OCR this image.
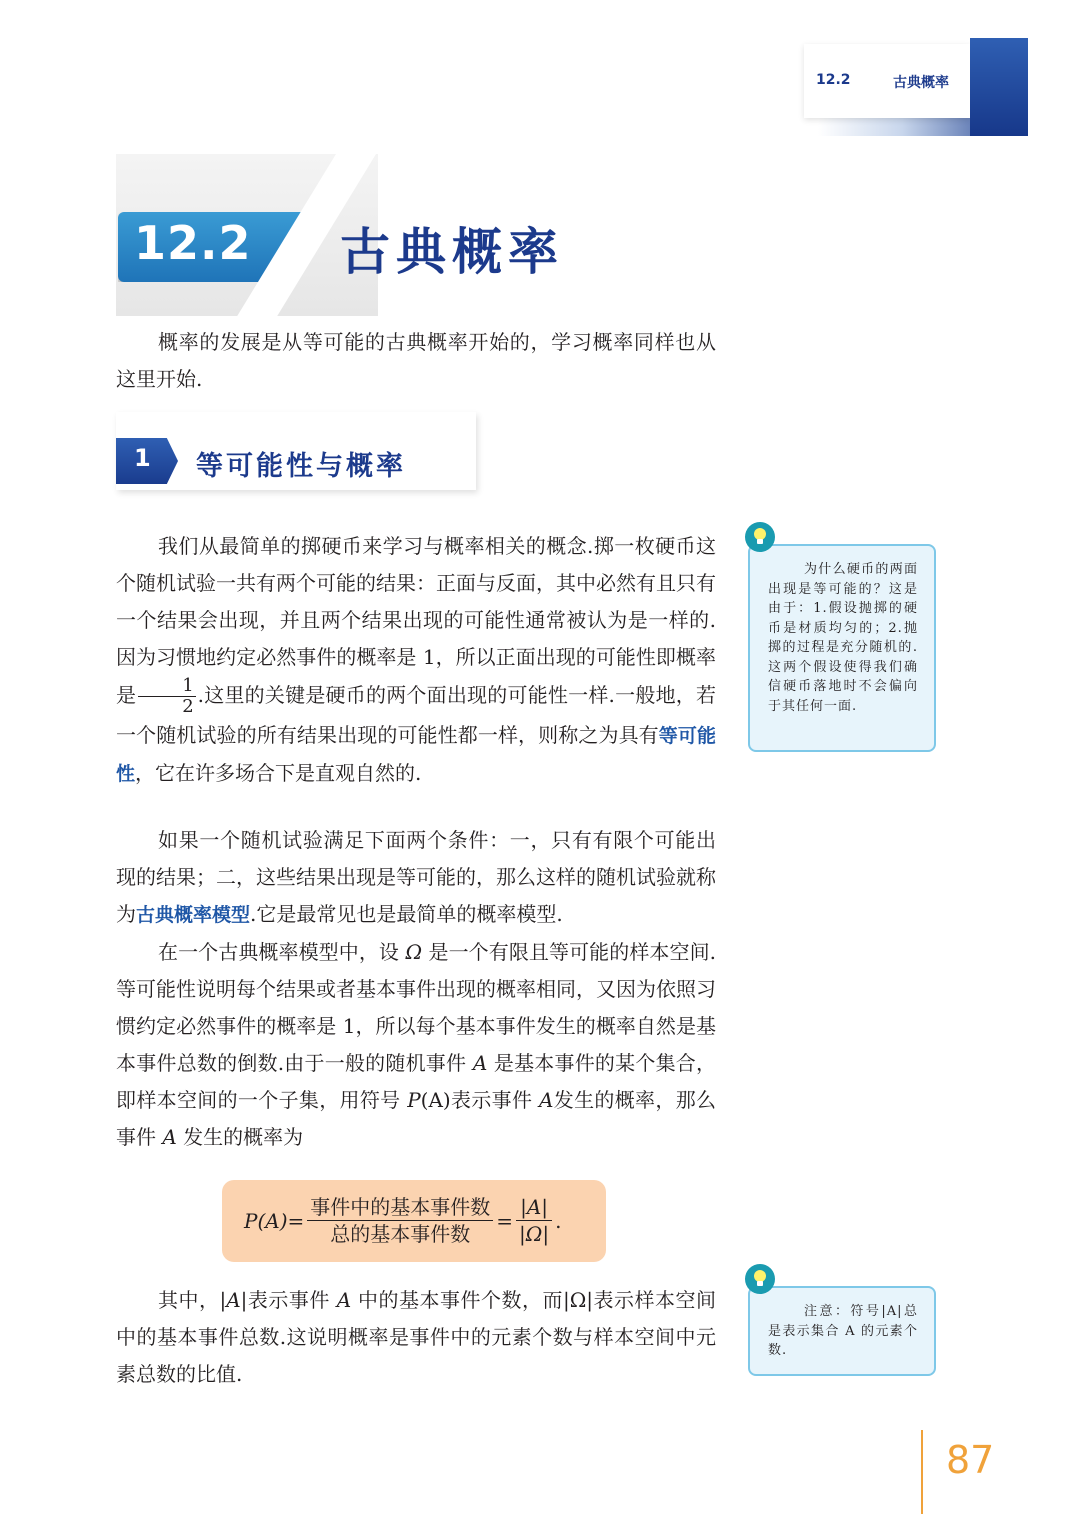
12.2	古典概率
12.2 古典概率

概率的发展是从等可能的古典概率开始的，学习概率同样也从这里开始.

1 等可能性与概率

我们从最简单的掷硬币来学习与概率相关的概念.掷一枚硬币这个随机试验一共有两个可能的结果：正面与反面，其中必然有且只有一个结果会出现，并且两个结果出现的可能性通常被认为是一样的.因为习惯地约定必然事件的概率是 1，所以正面出现的可能性即概率是 $\frac{1}{2}$ .这里的关键是硬币的两个面出现的可能性一样.一般地，若一个随机试验的所有结果出现的可能性都一样，则称之为具有等可能性，它在许多场合下是直观自然的.

如果一个随机试验满足下面两个条件：一，只有有限个可能出现的结果；二，这些结果出现是等可能的，那么这样的随机试验就称为古典概率模型.它是最常见也是最简单的概率模型.

在一个古典概率模型中，设 Ω 是一个有限且等可能的样本空间.等可能性说明每个结果或者基本事件出现的概率相同，又因为依照习惯约定必然事件的概率是 1，所以每个基本事件发生的概率自然是基本事件总数的倒数.由于一般的随机事件 A 是基本事件的某个集合，即样本空间的一个子集，用符号 P(A)表示事件 A发生的概率，那么事件 A 发生的概率为

$P(A)= \frac{\text{事件中的基本事件数}}{\text{总的基本事件数}} = \frac{|A|}{|\Omega|}$ .

其中，|A|表示事件 A 中的基本事件个数，而|Ω|表示样本空间中的基本事件总数.这说明概率是事件中的元素个数与样本空间中元素总数的比值.

为什么硬币的两面出现是等可能的？这是由于：1.假设抛掷的硬币是材质均匀的；2.抛掷的过程是充分随机的.这两个假设使得我们确信硬币落地时不会偏向于其任何一面.

注意：符号|A|总是表示集合 A 的元素个数.

87
